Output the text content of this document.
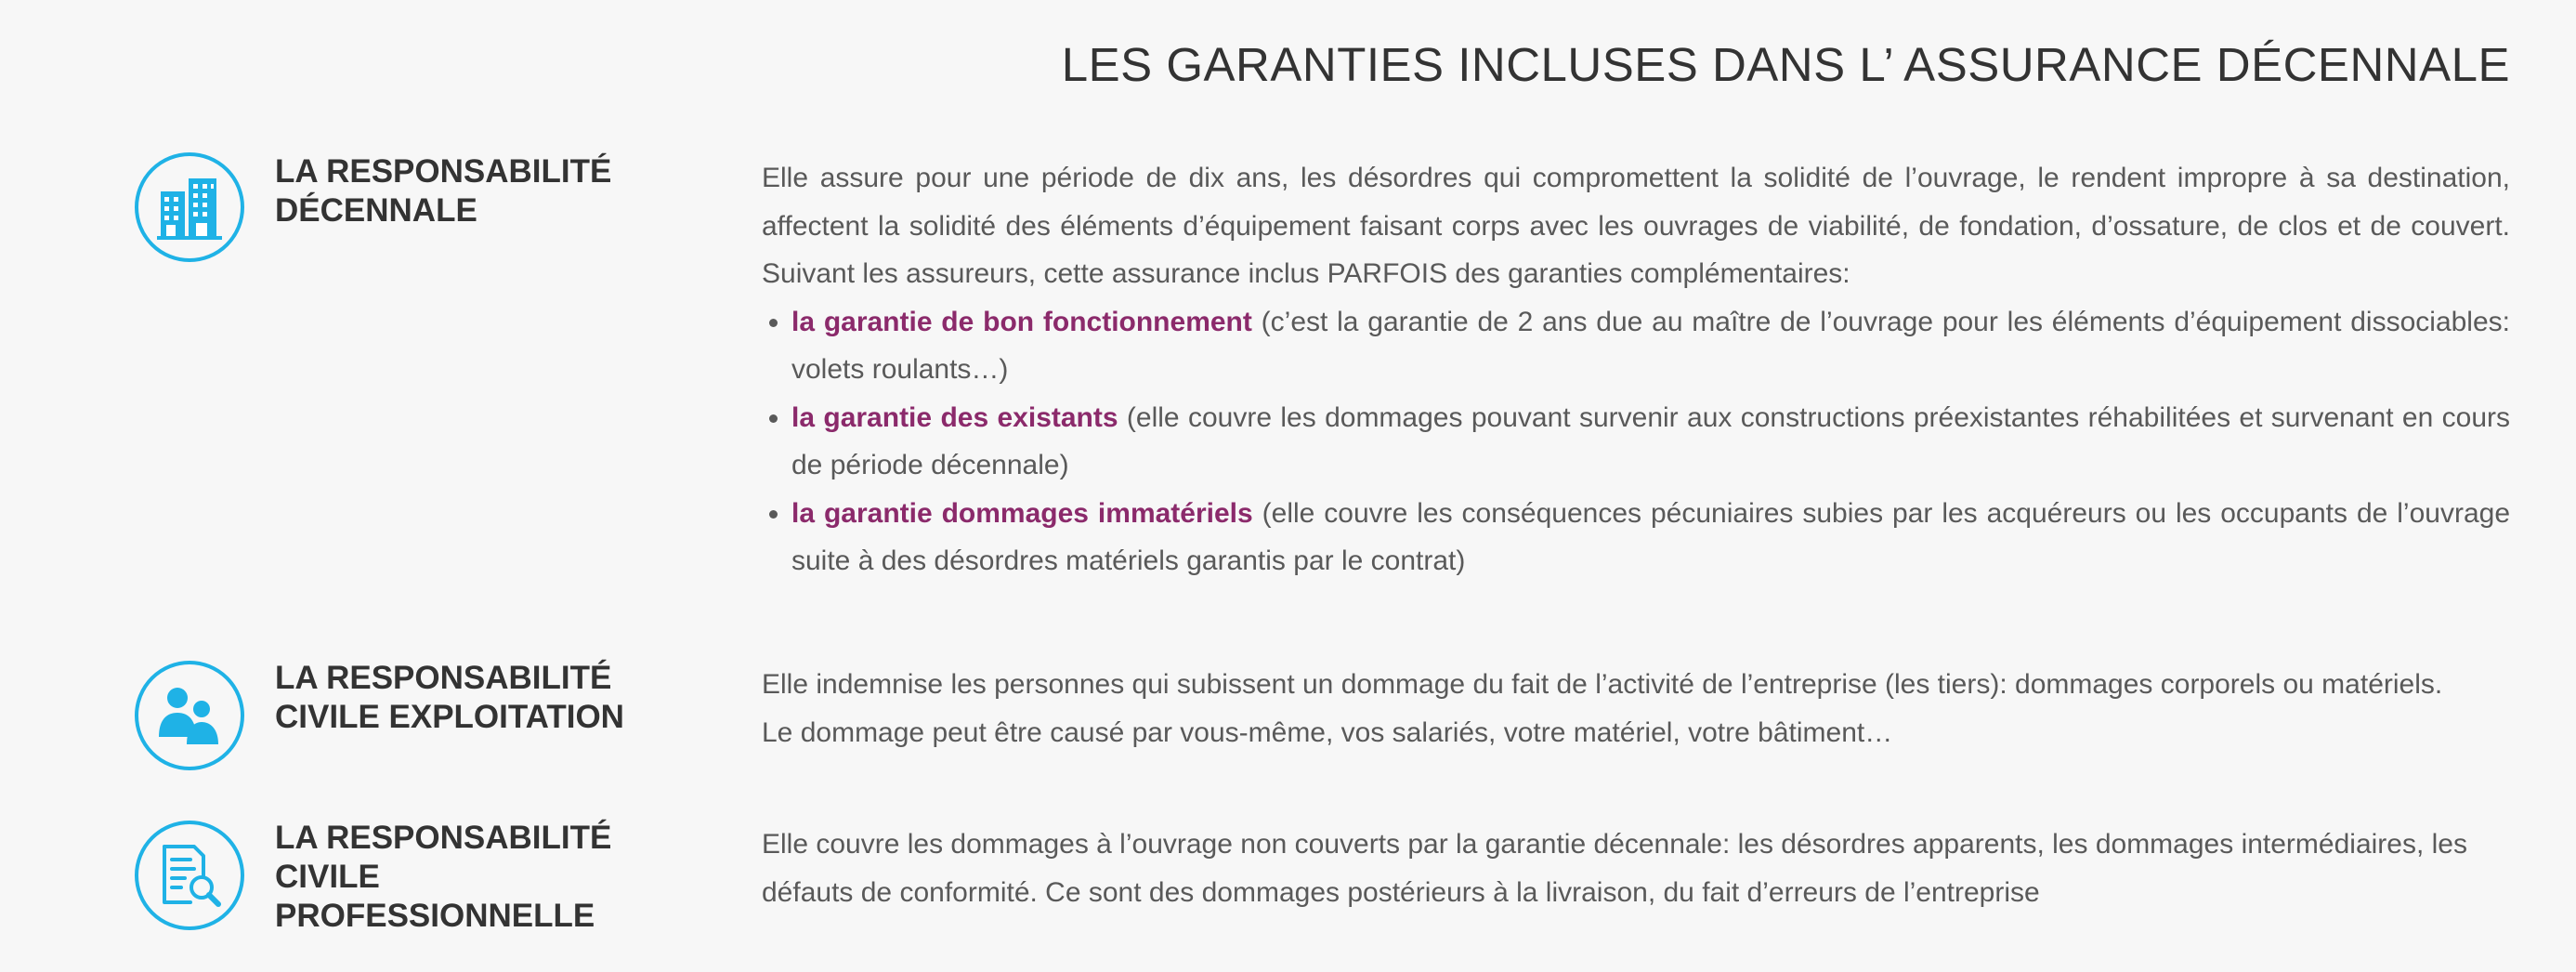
LES GARANTIES INCLUSES DANS L’ ASSURANCE DÉCENNALE
LA RESPONSABILITÉ
DÉCENNALE

Elle assure pour une période de dix ans, les désordres qui compromettent la solidité de l’ouvrage, le rendent impropre à sa destination, affectent la solidité des éléments d’équipement faisant corps avec les ouvrages de viabilité, de fondation, d’ossature, de clos et de couvert. Suivant les assureurs, cette assurance inclus PARFOIS des garanties complémentaires:

• la garantie de bon fonctionnement (c’est la garantie de 2 ans due au maître de l’ouvrage pour les éléments d’équipement dissociables: volets roulants…)
• la garantie des existants (elle couvre les dommages pouvant survenir aux constructions préexistantes réhabilitées et survenant en cours de période décennale)
• la garantie dommages immatériels (elle couvre les conséquences pécuniaires subies par les acquéreurs ou les occupants de l’ouvrage suite à des désordres matériels garantis par le contrat)
LA RESPONSABILITÉ
CIVILE EXPLOITATION

Elle indemnise les personnes qui subissent un dommage du fait de l’activité de l’entreprise (les tiers): dommages corporels ou matériels.

Le dommage peut être causé par vous-même, vos salariés, votre matériel, votre bâtiment…

LA RESPONSABILITÉ
CIVILE
PROFESSIONNELLE

Elle couvre les dommages à l’ouvrage non couverts par la garantie décennale: les désordres apparents, les dommages intermédiaires, les défauts de conformité. Ce sont des dommages postérieurs à la livraison, du fait d’erreurs de l’entreprise
